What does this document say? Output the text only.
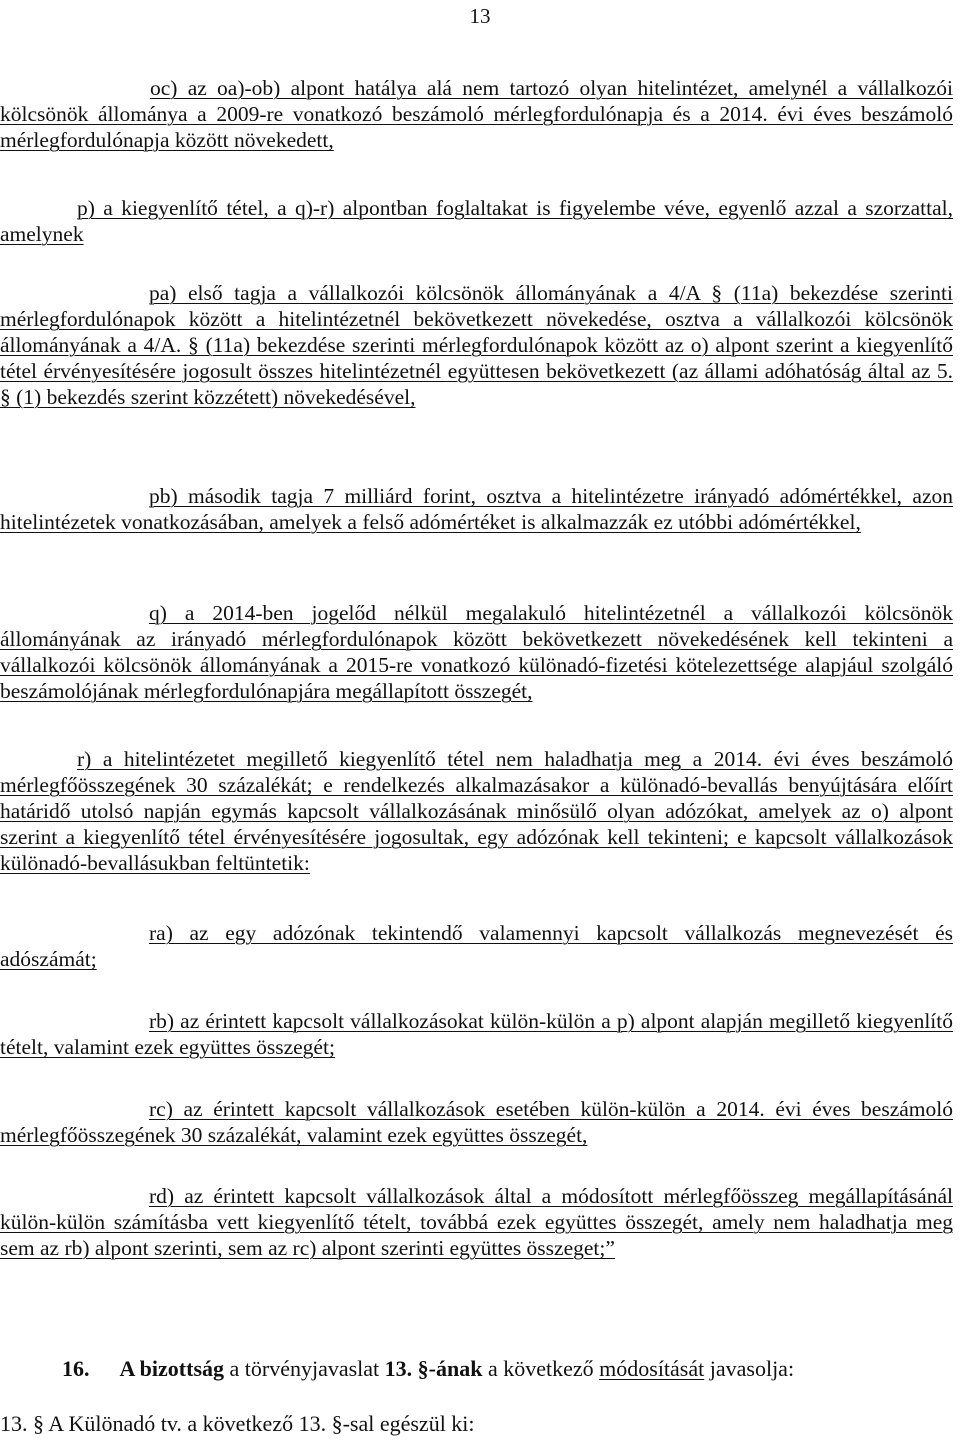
13
oc) az oa)-ob) alpont hatálya alá nem tartozó olyan hitelintézet, amelynél a vállalkozói kölcsönök állománya a 2009-re vonatkozó beszámoló mérlegfordulónapja és a 2014. évi éves beszámoló mérlegfordulónapja között növekedett,
p) a kiegyenlítő tétel, a q)-r) alpontban foglaltakat is figyelembe véve, egyenlő azzal a szorzattal, amelynek
pa) első tagja a vállalkozói kölcsönök állományának a 4/A § (11a) bekezdése szerinti mérlegfordulónapok között a hitelintézetnél bekövetkezett növekedése, osztva a vállalkozói kölcsönök állományának a 4/A. § (11a) bekezdése szerinti mérlegfordulónapok között az o) alpont szerint a kiegyenlítő tétel érvényesítésére jogosult összes hitelintézetnél együttesen bekövetkezett (az állami adóhatóság által az 5. § (1) bekezdés szerint közzétett) növekedésével,
pb) második tagja 7 milliárd forint, osztva a hitelintézetre irányadó adómértékkel, azon hitelintézetek vonatkozásában, amelyek a felső adómértéket is alkalmazzák ez utóbbi adómértékkel,
q) a 2014-ben jogelőd nélkül megalakuló hitelintézetnél a vállalkozói kölcsönök állományának az irányadó mérlegfordulónapok között bekövetkezett növekedésének kell tekinteni a vállalkozói kölcsönök állományának a 2015-re vonatkozó különadó-fizetési kötelezettsége alapjául szolgáló beszámolójának mérlegfordulónapjára megállapított összegét,
r) a hitelintézetet megillető kiegyenlítő tétel nem haladhatja meg a 2014. évi éves beszámoló mérlegfőösszegének 30 százalékát; e rendelkezés alkalmazásakor a különadó-bevallás benyújtására előírt határidő utolsó napján egymás kapcsolt vállalkozásának minősülő olyan adózókat, amelyek az o) alpont szerint a kiegyenlítő tétel érvényesítésére jogosultak, egy adózónak kell tekinteni; e kapcsolt vállalkozások különadó-bevallásukban feltüntetik:
ra) az egy adózónak tekintendő valamennyi kapcsolt vállalkozás megnevezését és adószámát;
rb) az érintett kapcsolt vállalkozásokat külön-külön a p) alpont alapján megillető kiegyenlítő tételt, valamint ezek együttes összegét;
rc) az érintett kapcsolt vállalkozások esetében külön-külön a 2014. évi éves beszámoló mérlegfőösszegének 30 százalékát, valamint ezek együttes összegét,
rd) az érintett kapcsolt vállalkozások által a módosított mérlegfőösszeg megállapításánál külön-külön számításba vett kiegyenlítő tételt, továbbá ezek együttes összegét, amely nem haladhatja meg sem az rb) alpont szerinti, sem az rc) alpont szerinti együttes összeget;”
16. A bizottság a törvényjavaslat 13. §-ának a következő módosítását javasolja:
13. § A Különadó tv. a következő 13. §-sal egészül ki:
